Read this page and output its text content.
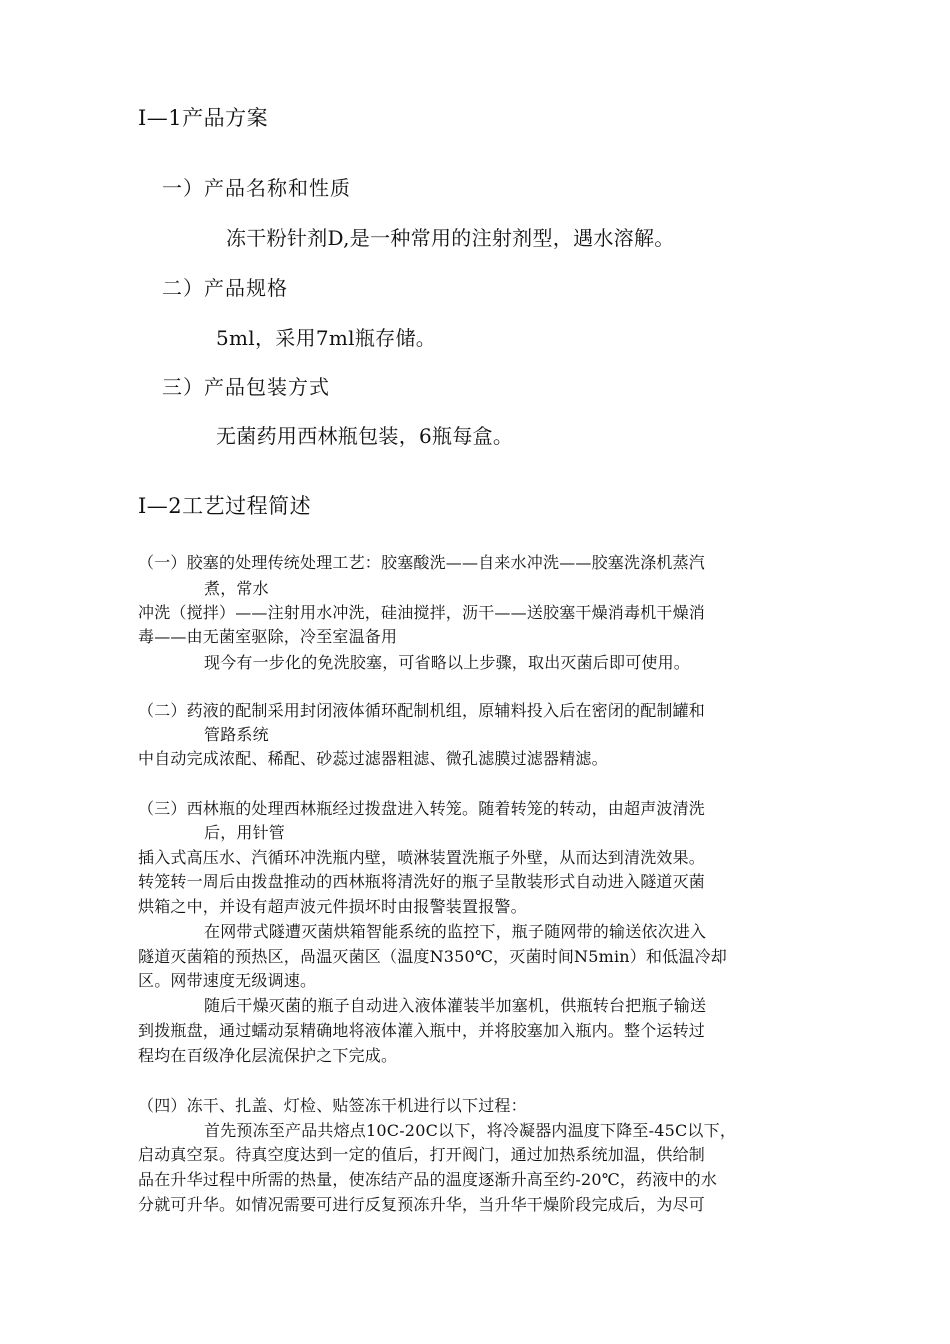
I—1产品方案

一）产品名称和性质

冻干粉针剂D,是一种常用的注射剂型，遇水溶解。

二）产品规格

5ml，采用7ml瓶存储。

三）产品包装方式

无菌药用西林瓶包装，6瓶每盒。

I—2工艺过程简述

（一）胶塞的处理传统处理工艺：胶塞酸洗——自来水冲洗——胶塞洗涤机蒸汽

煮，常水

冲洗（搅拌）——注射用水冲洗，硅油搅拌，沥干——送胶塞干燥消毒机干燥消

毒——由无菌室驱除，冷至室温备用

现今有一步化的免洗胶塞，可省略以上步骤，取出灭菌后即可使用。

（二）药液的配制采用封闭液体循环配制机组，原辅料投入后在密闭的配制罐和

管路系统

中自动完成浓配、稀配、砂蕊过滤器粗滤、微孔滤膜过滤器精滤。

（三）西林瓶的处理西林瓶经过拨盘进入转笼。随着转笼的转动，由超声波清洗

后，用针管

插入式高压水、汽循环冲洗瓶内壁，喷淋装置洗瓶子外壁，从而达到清洗效果。

转笼转一周后由拨盘推动的西林瓶将清洗好的瓶子呈散装形式自动进入隧道灭菌

烘箱之中，并设有超声波元件损坏时由报警装置报警。

在网带式隧遭灭菌烘箱智能系统的监控下，瓶子随网带的输送依次进入

隧道灭菌箱的预热区，咼温灭菌区（温度N350℃，灭菌时间N5min）和低温冷却

区。网带速度无级调速。

随后干燥灭菌的瓶子自动进入液体灌装半加塞机，供瓶转台把瓶子输送

到拨瓶盘，通过蠕动泵精确地将液体灌入瓶中，并将胶塞加入瓶内。整个运转过

程均在百级净化层流保护之下完成。

（四）冻干、扎盖、灯检、贴签冻干机进行以下过程：

首先预冻至产品共熔点10C-20C以下，将冷凝器内温度下降至-45C以下，

启动真空泵。待真空度达到一定的值后，打开阀门，通过加热系统加温，供给制

品在升华过程中所需的热量，使冻结产品的温度逐渐升高至约-20℃，药液中的水

分就可升华。如情况需要可进行反复预冻升华，当升华干燥阶段完成后，为尽可
